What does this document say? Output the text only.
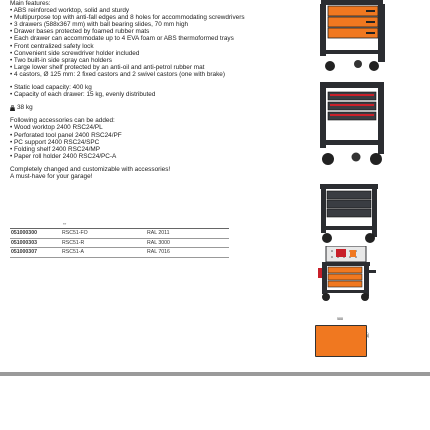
Main features:

• ABS reinforced worktop, solid and sturdy

• Multipurpose top with anti-fall edges and 8 holes for accommodating screwdrivers

• 3 drawers (588x367 mm) with ball bearing slides, 70 mm high

• Drawer bases protected by foamed rubber mats

• Each drawer can accommodate up to 4 EVA foam or ABS thermoformed trays

• Front centralized safety lock

• Convenient side screwdriver holder included

• Two built-in side spray can holders

• Large lower shelf protected by an anti-oil and anti-petrol rubber mat

• 4 castors, Ø 125 mm: 2 fixed castors and 2 swivel castors (one with brake)

• Static load capacity: 400 kg

• Capacity of each drawer: 15 kg, evenly distributed

38 kg

Following accessories can be added:

• Wood worktop 2400 RSC24/PL

• Perforated tool panel 2400 RSC24/PF

• PC support 2400 RSC24/SPC

• Folding shelf 2400 RSC24/MP

• Paper roll holder 2400 RSC24/PC-A

Completely changed and customizable with accessories!

A must-have for your garage!

	⇔	
051000300	RSC51-FO	RAL 2011
051000303	RSC51-R	RAL 3000
051000307	RSC51-A	RAL 7016
588
367
